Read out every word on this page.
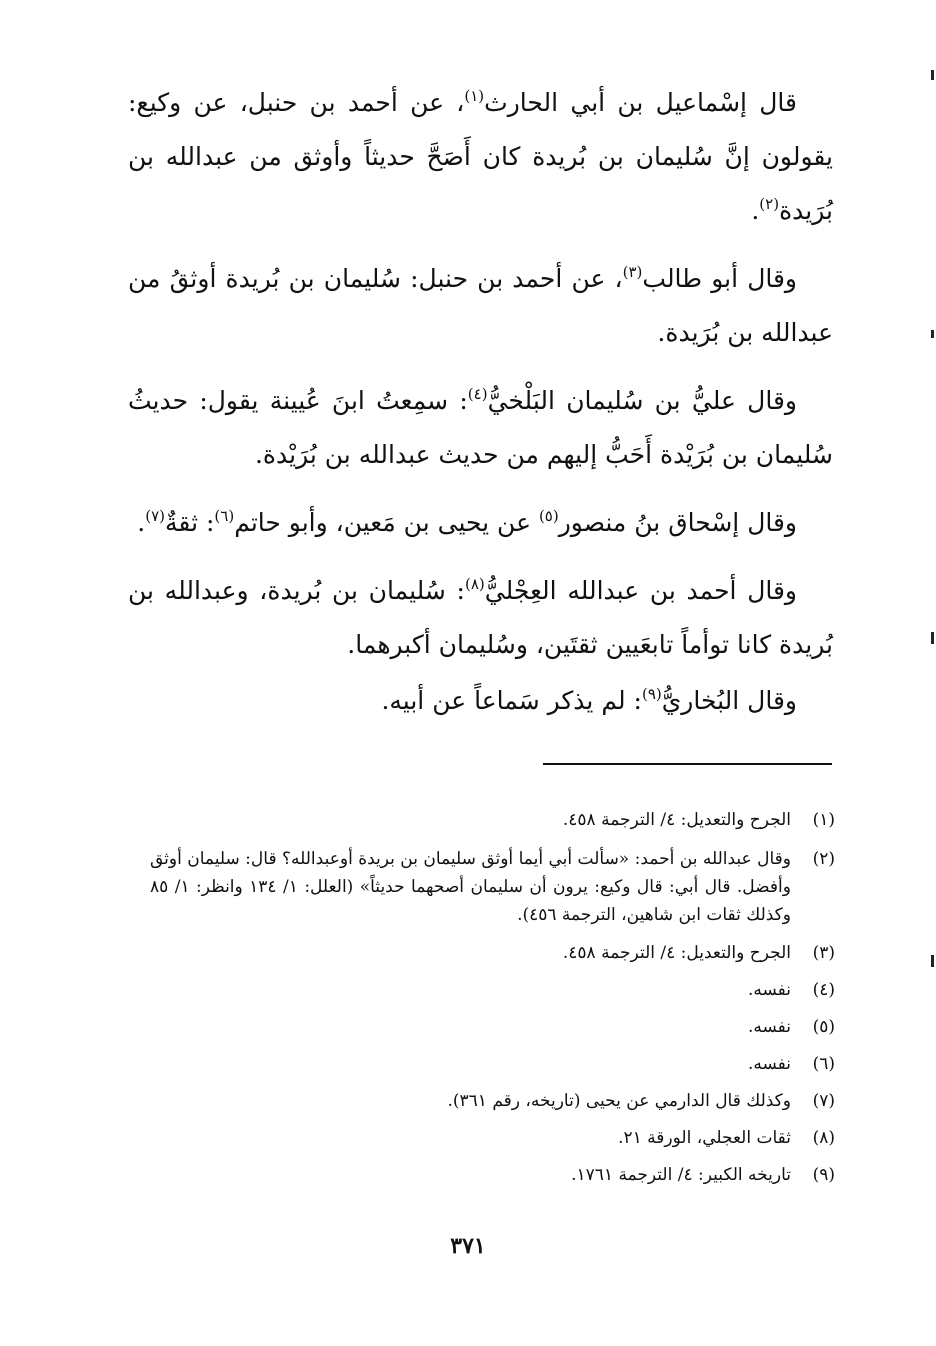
قال إسْماعيل بن أبي الحارث$^{(١)}$، عن أحمد بن حنبل، عن وكيع: يقولون إنَّ سُليمان بن بُريدة كان أَصَحَّ حديثاً وأوثق من عبدالله بن بُرَيدة$^{(٢)}$.

وقال أبو طالب$^{(٣)}$، عن أحمد بن حنبل: سُليمان بن بُريدة أوثقُ من عبدالله بن بُرَيدة.

وقال عليُّ بن سُليمان البَلْخيُّ$^{(٤)}$: سمِعتُ ابنَ عُيينة يقول: حديثُ سُليمان بن بُرَيْدة أَحَبُّ إليهم من حديث عبدالله بن بُرَيْدة.

وقال إسْحاق بنُ منصور$^{(٥)}$ عن يحيى بن مَعين، وأبو حاتم$^{(٦)}$: ثقةٌ$^{(٧)}$.

وقال أحمد بن عبدالله العِجْليُّ$^{(٨)}$: سُليمان بن بُريدة، وعبدالله بن بُريدة كانا توأماً تابعَيين ثقتَين، وسُليمان أكبرهما.

وقال البُخاريُّ$^{(٩)}$: لم يذكر سَماعاً عن أبيه.

(١)
الجرح والتعديل: ٤/ الترجمة ٤٥٨.
(٢)
وقال عبدالله بن أحمد: «سألت أبي أيما أوثق سليمان بن بريدة أوعبدالله؟ قال: سليمان أوثق وأفضل. قال أبي: قال وكيع: يرون أن سليمان أصحهما حديثاً» (العلل: ١/ ١٣٤ وانظر: ١/ ٨٥ وكذلك ثقات ابن شاهين، الترجمة ٤٥٦).
(٣)
الجرح والتعديل: ٤/ الترجمة ٤٥٨.
(٤)
نفسه.
(٥)
نفسه.
(٦)
نفسه.
(٧)
وكذلك قال الدارمي عن يحيى (تاريخه، رقم ٣٦١).
(٨)
ثقات العجلي، الورقة ٢١.
(٩)
تاريخه الكبير: ٤/ الترجمة ١٧٦١.
٣٧١
